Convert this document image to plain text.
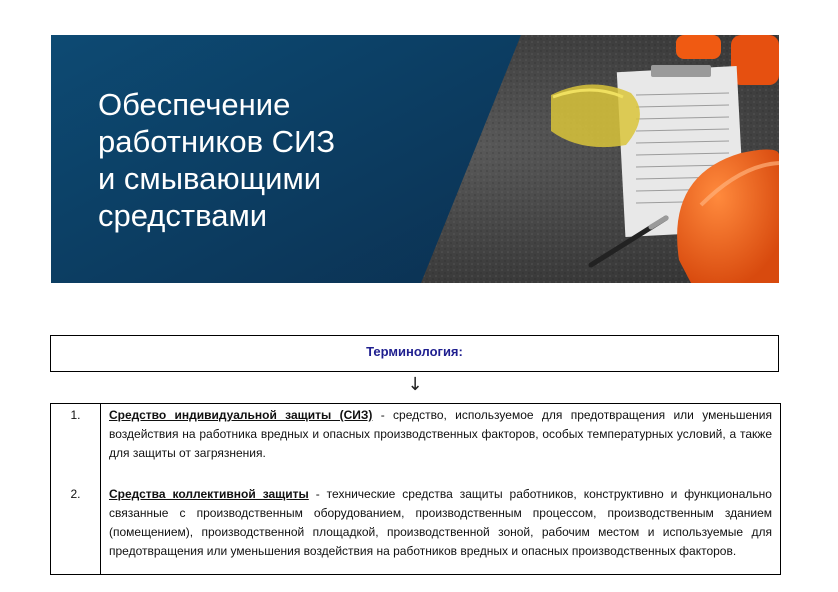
Обеспечение
работников СИЗ
и смывающими
средствами
Терминология:
↓
1.	Средство индивидуальной защиты (СИЗ) - средство, используемое для предотвращения или уменьшения воздействия на работника вредных и опасных производственных факторов, особых температурных условий, а также для защиты от загрязнения.
2.	Средства коллективной защиты - технические средства защиты работников, конструктивно и функционально связанные с производственным оборудованием, производственным процессом, производственным зданием (помещением), производственной площадкой, производственной зоной, рабочим местом и используемые для предотвращения или уменьшения воздействия на работников вредных и опасных производственных факторов.
